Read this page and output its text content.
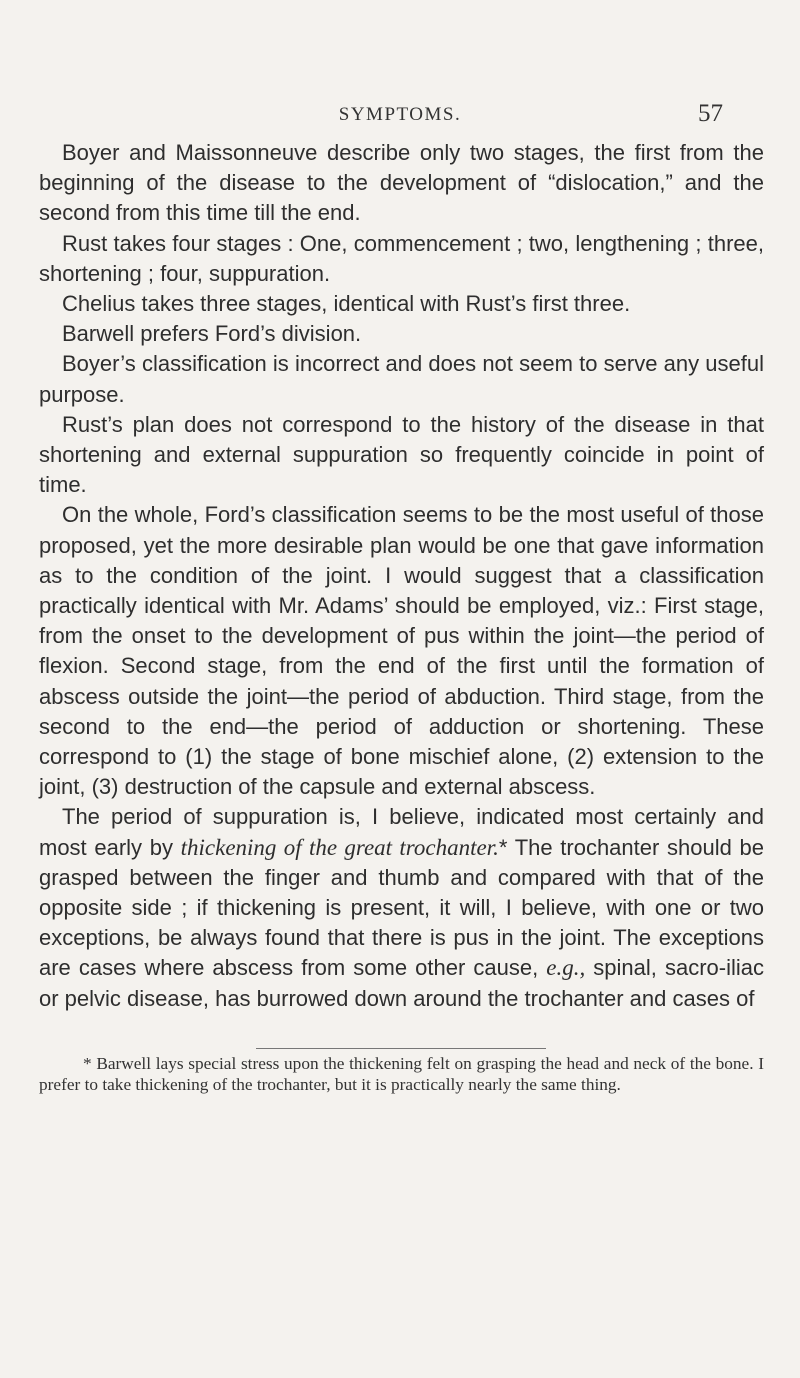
SYMPTOMS.	57

Boyer and Maissonneuve describe only two stages, the first from the beginning of the disease to the development of “dislocation,” and the second from this time till the end.

Rust takes four stages : One, commencement ; two, lengthening ; three, shortening ; four, suppuration.

Chelius takes three stages, identical with Rust’s first three.

Barwell prefers Ford’s division.

Boyer’s classification is incorrect and does not seem to serve any useful purpose.

Rust’s plan does not correspond to the history of the disease in that shortening and external suppuration so frequently coincide in point of time.

On the whole, Ford’s classification seems to be the most useful of those proposed, yet the more desirable plan would be one that gave information as to the condition of the joint. I would suggest that a classification practically identical with Mr. Adams’ should be employed, viz.: First stage, from the onset to the development of pus within the joint—the period of flexion. Second stage, from the end of the first until the formation of abscess outside the joint—the period of abduction. Third stage, from the second to the end—the period of adduction or shortening. These correspond to (1) the stage of bone mischief alone, (2) extension to the joint, (3) destruction of the capsule and external abscess.

The period of suppuration is, I believe, indicated most certainly and most early by thickening of the great trochanter.* The trochanter should be grasped between the finger and thumb and compared with that of the opposite side ; if thickening is present, it will, I believe, with one or two exceptions, be always found that there is pus in the joint. The exceptions are cases where abscess from some other cause, e.g., spinal, sacro-iliac or pelvic disease, has burrowed down around the trochanter and cases of

* Barwell lays special stress upon the thickening felt on grasping the head and neck of the bone. I prefer to take thickening of the trochanter, but it is practically nearly the same thing.
